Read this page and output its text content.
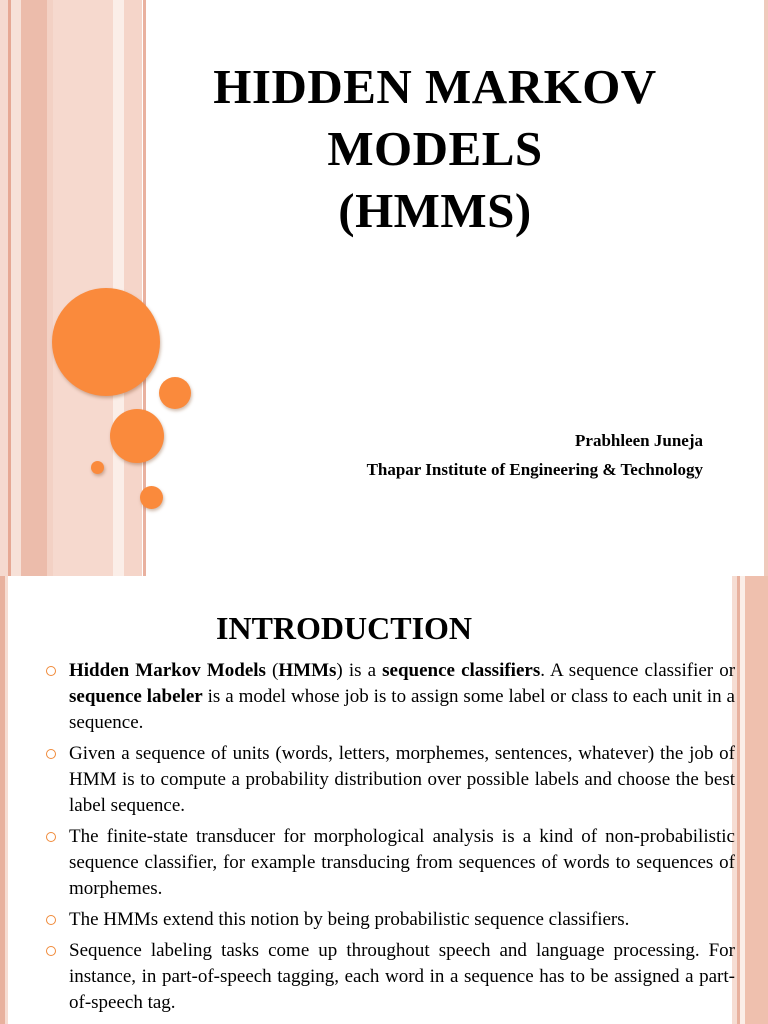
HIDDEN MARKOV
MODELS
(HMMS)
Prabhleen Juneja
Thapar Institute of Engineering & Technology
INTRODUCTION
Hidden Markov Models (HMMs) is a sequence classifiers. A sequence classifier or sequence labeler is a model whose job is to assign some label or class to each unit in a sequence.
Given a sequence of units (words, letters, morphemes, sentences, whatever) the job of HMM is to compute a probability distribution over possible labels and choose the best label sequence.
The finite-state transducer for morphological analysis is a kind of non-probabilistic sequence classifier, for example transducing from sequences of words to sequences of morphemes.
The HMMs extend this notion by being probabilistic sequence classifiers.
Sequence labeling tasks come up throughout speech and language processing. For instance, in part-of-speech tagging, each word in a sequence has to be assigned a part-of-speech tag.
